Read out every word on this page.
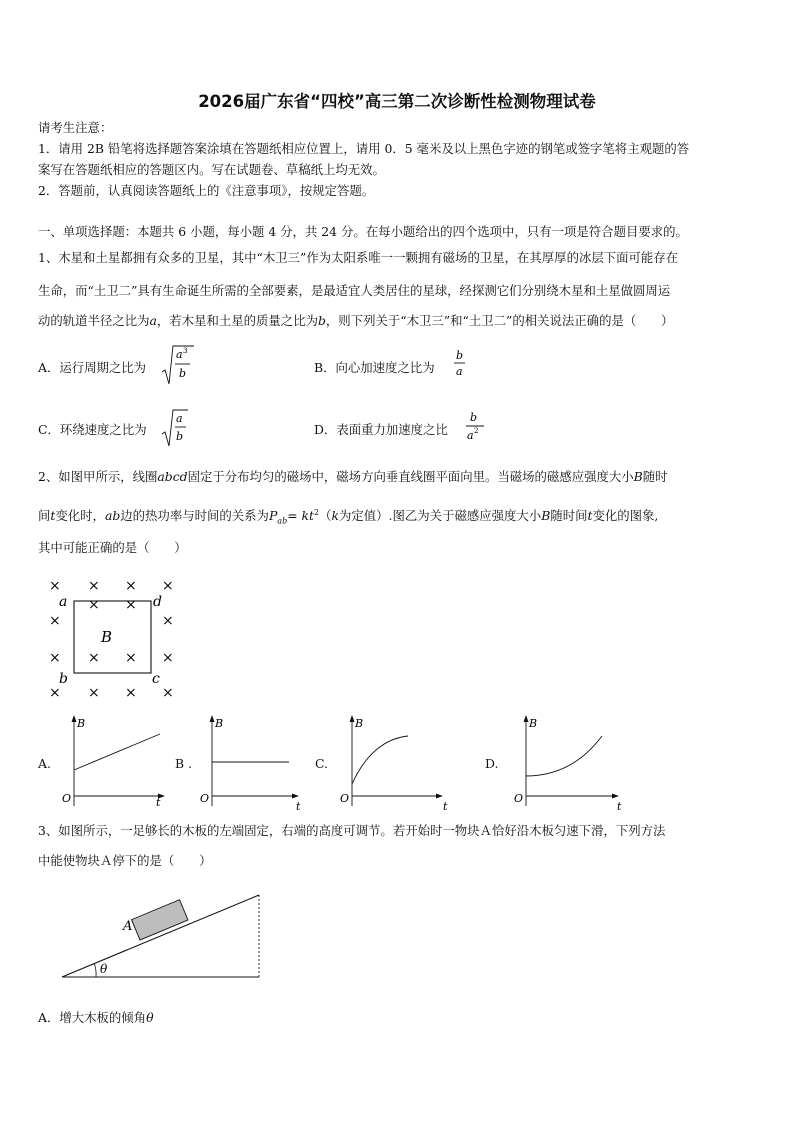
2026届广东省“四校”高三第二次诊断性检测物理试卷
请考生注意：
1．请用 2B 铅笔将选择题答案涂填在答题纸相应位置上，请用 0．5 毫米及以上黑色字迹的钢笔或签字笔将主观题的答
案写在答题纸相应的答题区内。写在试题卷、草稿纸上均无效。
2．答题前，认真阅读答题纸上的《注意事项》，按规定答题。
一、单项选择题：本题共 6 小题，每小题 4 分，共 24 分。在每小题给出的四个选项中，只有一项是符合题目要求的。
1、木星和土星都拥有众多的卫星，其中“木卫三”作为太阳系唯一一颗拥有磁场的卫星，在其厚厚的冰层下面可能存在
生命，而“土卫二”具有生命诞生所需的全部要素，是最适宜人类居住的星球，经探测它们分别绕木星和土星做圆周运
动的轨道半径之比为a，若木星和土星的质量之比为b，则下列关于“木卫三”和“土卫二”的相关说法正确的是（　　）
A．运行周期之比为
a 3
b	B．向心加速度之比为
b
a
C．环绕速度之比为
a
b	D．表面重力加速度之比
b
a 2
2、如图甲所示，线圈abcd固定于分布均匀的磁场中，磁场方向垂直线圈平面向里。当磁场的磁感应强度大小B随时
间t变化时，ab边的热功率与时间的关系为$P_{ab}= kt^2(k$为定值）.图乙为关于磁感应强度大小B随时间t变化的图象,
其中可能正确的是（　　）
a	d
b	c
B
× × × ×
×
×
×
×
×
×
×
×
× × × ×
B
O	t
A.
B
O
t
B .
B
O
t
C.
B
O
t
D.
3、如图所示，一足够长的木板的左端固定，右端的高度可调节。若开始时一物块Ａ恰好沿木板匀速下滑，下列方法
中能使物块Ａ停下的是（　　）
A
θ
A．增大木板的倾角θ
